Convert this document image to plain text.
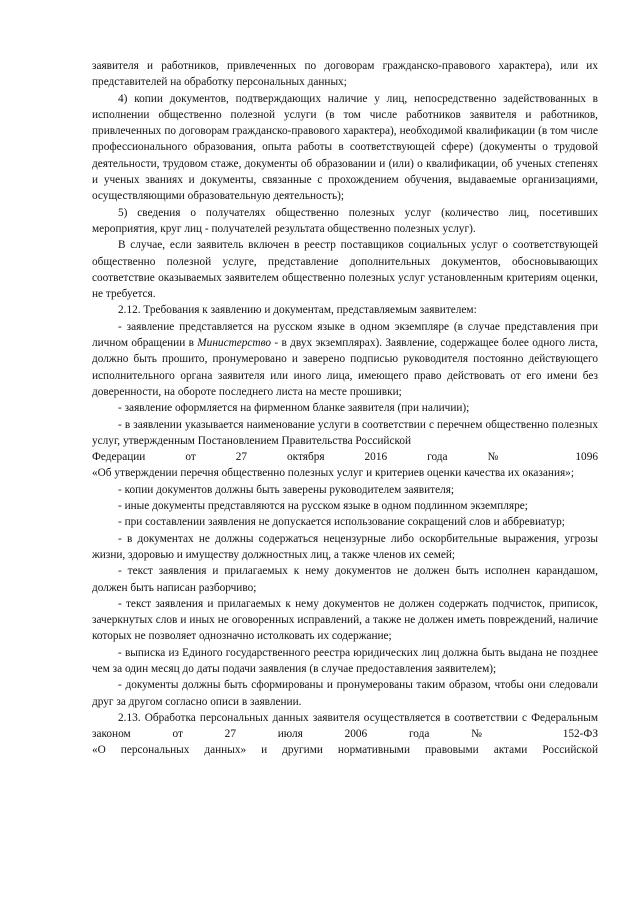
заявителя и работников, привлеченных по договорам гражданско-правового характера), или их представителей на обработку персональных данных;

4) копии документов, подтверждающих наличие у лиц, непосредственно задействованных в исполнении общественно полезной услуги (в том числе работников заявителя и работников, привлеченных по договорам гражданско-правового характера), необходимой квалификации (в том числе профессионального образования, опыта работы в соответствующей сфере) (документы о трудовой деятельности, трудовом стаже, документы об образовании и (или) о квалификации, об ученых степенях и ученых званиях и документы, связанные с прохождением обучения, выдаваемые организациями, осуществляющими образовательную деятельность);

5) сведения о получателях общественно полезных услуг (количество лиц, посетивших мероприятия, круг лиц - получателей результата общественно полезных услуг).

В случае, если заявитель включен в реестр поставщиков социальных услуг о соответствующей общественно полезной услуге, представление дополнительных документов, обосновывающих соответствие оказываемых заявителем общественно полезных услуг установленным критериям оценки, не требуется.

2.12. Требования к заявлению и документам, представляемым заявителем:

- заявление представляется на русском языке в одном экземпляре (в случае представления при личном обращении в Министерство - в двух экземплярах). Заявление, содержащее более одного листа, должно быть прошито, пронумеровано и заверено подписью руководителя постоянно действующего исполнительного органа заявителя или иного лица, имеющего право действовать от его имени без доверенности, на обороте последнего листа на месте прошивки;

- заявление оформляется на фирменном бланке заявителя (при наличии);

- в заявлении указывается наименование услуги в соответствии с перечнем общественно полезных услуг, утвержденным Постановлением Правительства Российской

Федерации от 27 октября 2016 года № 1096

«Об утверждении перечня общественно полезных услуг и критериев оценки качества их оказания»;

- копии документов должны быть заверены руководителем заявителя;

- иные документы представляются на русском языке в одном подлинном экземпляре;

- при составлении заявления не допускается использование сокращений слов и аббревиатур;

- в документах не должны содержаться нецензурные либо оскорбительные выражения, угрозы жизни, здоровью и имуществу должностных лиц, а также членов их семей;

- текст заявления и прилагаемых к нему документов не должен быть исполнен карандашом, должен быть написан разборчиво;

- текст заявления и прилагаемых к нему документов не должен содержать подчисток, приписок, зачеркнутых слов и иных не оговоренных исправлений, а также не должен иметь повреждений, наличие которых не позволяет однозначно истолковать их содержание;

- выписка из Единого государственного реестра юридических лиц должна быть выдана не позднее чем за один месяц до даты подачи заявления (в случае предоставления заявителем);

- документы должны быть сформированы и пронумерованы таким образом, чтобы они следовали друг за другом согласно описи в заявлении.

2.13. Обработка персональных данных заявителя осуществляется в соответствии с Федеральным законом от 27 июля 2006 года № 152-ФЗ

«О персональных данных» и другими нормативными правовыми актами Российской
